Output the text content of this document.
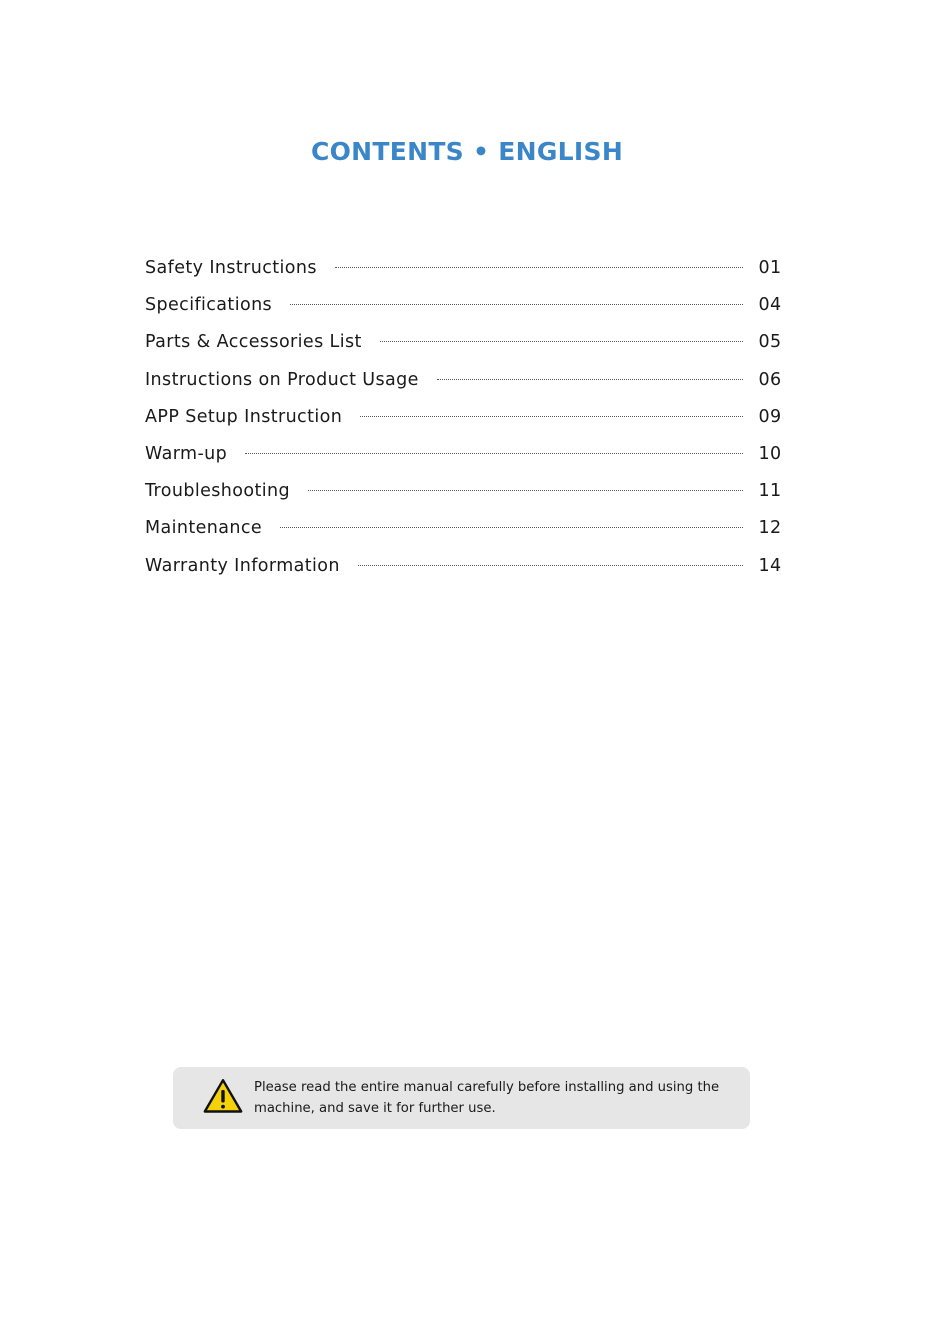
CONTENTS • ENGLISH
Safety Instructions	01
Specifications	04
Parts & Accessories List	05
Instructions on Product Usage	06
APP Setup Instruction	09
Warm-up	10
Troubleshooting	11
Maintenance	12
Warranty Information	14

Please read the entire manual carefully before installing and using the machine, and save it for further use.
